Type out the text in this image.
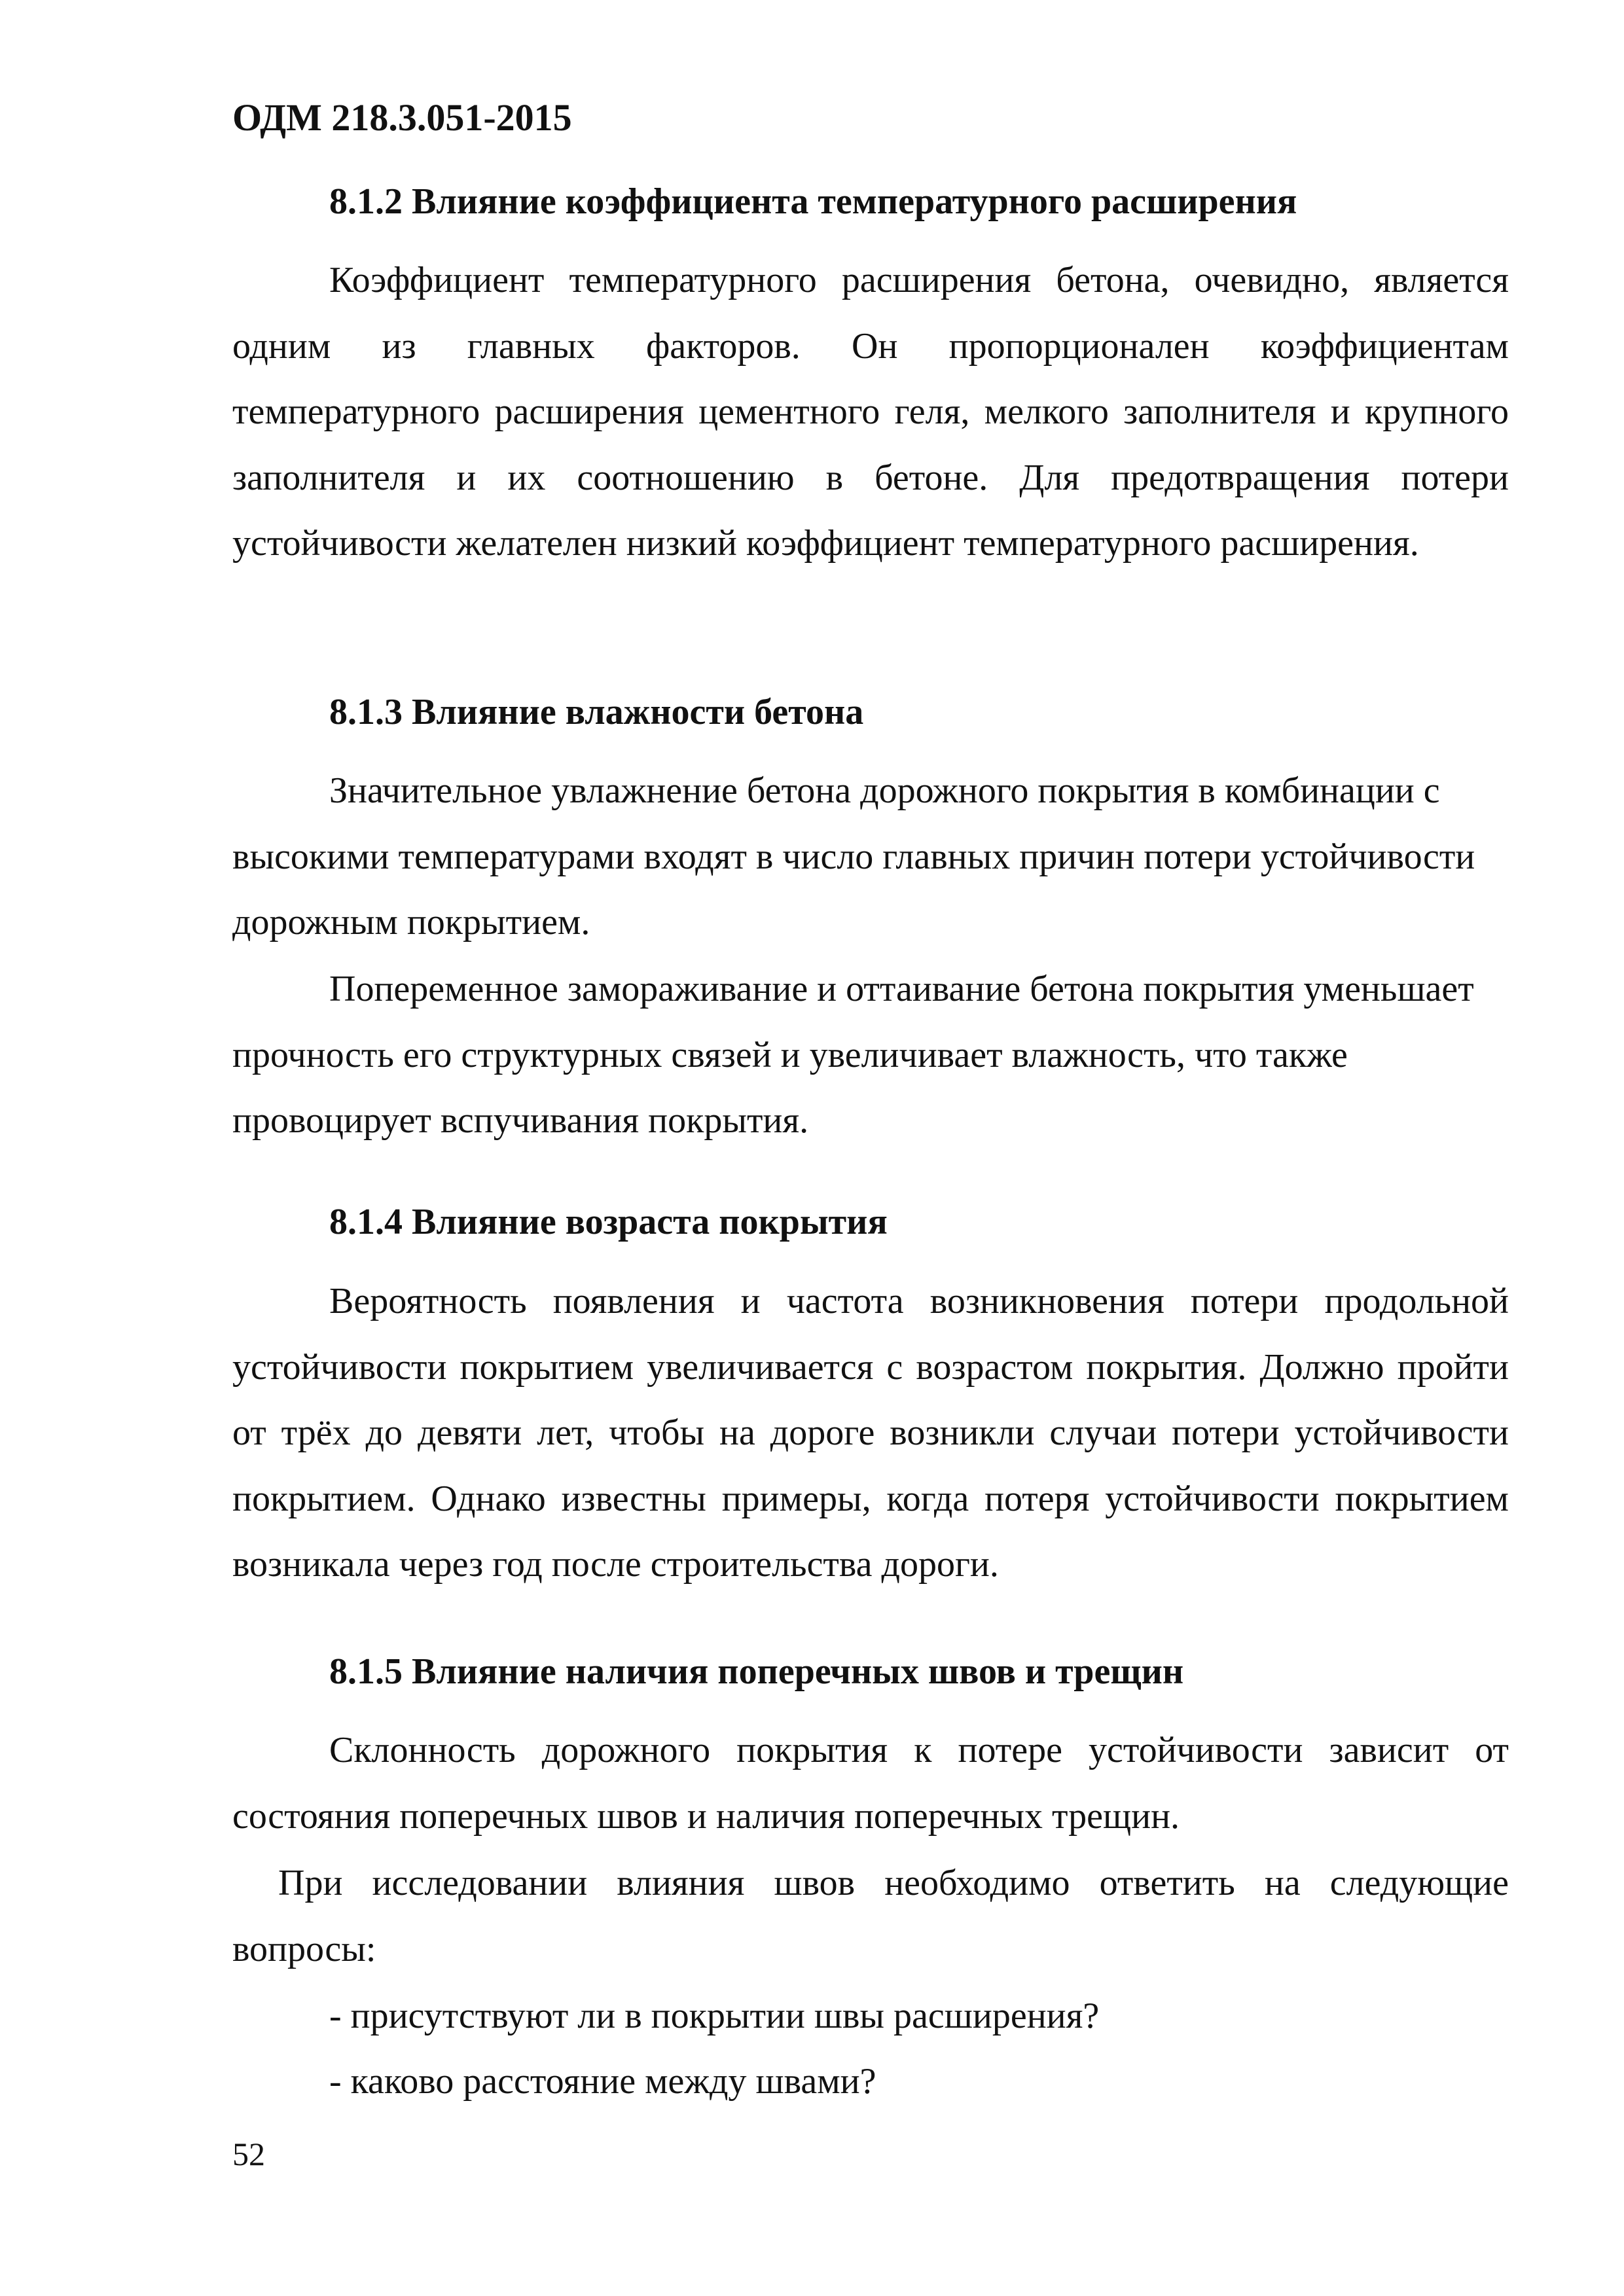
ОДМ 218.3.051-2015
8.1.2 Влияние коэффициента температурного расширения

Коэффициент температурного расширения бетона, очевидно, является одним из главных факторов. Он пропорционален коэффициентам температурного расширения цементного геля, мелкого заполнителя и крупного заполнителя и их соотношению в бетоне. Для предотвращения потери устойчивости желателен низкий коэффициент температурного расширения.

8.1.3 Влияние влажности бетона

Значительное увлажнение бетона дорожного покрытия в комбинации с высокими температурами входят в число главных причин потери устойчивости дорожным покрытием.

Попеременное замораживание и оттаивание бетона покрытия уменьшает прочность его структурных связей и увеличивает влажность, что также провоцирует вспучивания покрытия.

8.1.4 Влияние возраста покрытия

Вероятность появления и частота возникновения потери продольной устойчивости покрытием увеличивается с возрастом покрытия. Должно пройти от трёх до девяти лет, чтобы на дороге возникли случаи потери устойчивости покрытием. Однако известны примеры, когда потеря устойчивости покрытием возникала через год после строительства дороги.

8.1.5 Влияние наличия поперечных швов и трещин

Склонность дорожного покрытия к потере устойчивости зависит от состояния поперечных швов и наличия поперечных трещин.

При исследовании влияния швов необходимо ответить на следующие вопросы:

- присутствуют ли в покрытии швы расширения?
- каково расстояние между швами?
52
